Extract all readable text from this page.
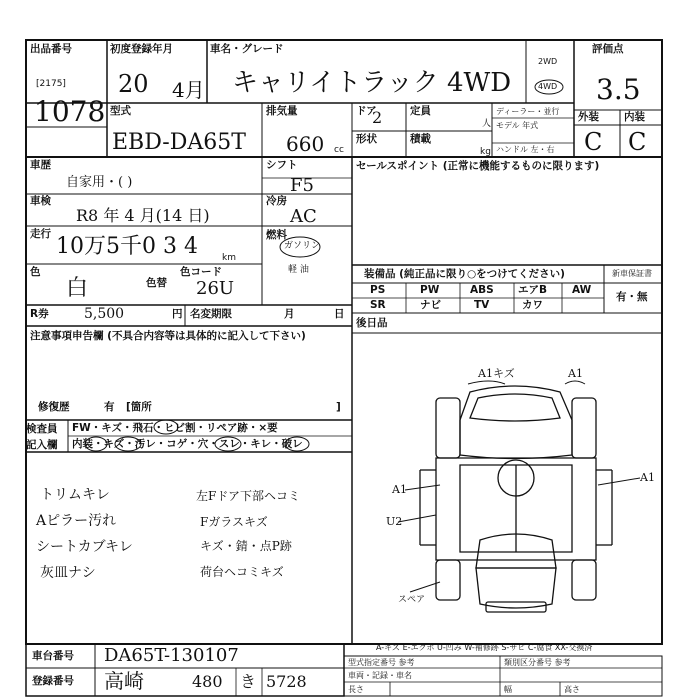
出品番号
[2175]
1078
初度登録年月
20 4月
車名・グレード
キャリイトラック 4WD
2WD
4WD
評価点
3.5
外装 内装
C C
型式
EBD-DA65T
排気量
660 cc
ドア
2
形状
定員
人
積載
kg
ディーラー・並行
モデル 年式
ハンドル 左・右
車歴
自家用・( )
シフト
F5
車検
R8 年 4 月(14 日)
冷房
AC
走行 10万5千0 3 4	km
燃料
ガソリン
軽 油
色
白	色替
色コード
26U
R券	5,500	円 名変期限	月	日
注意事項申告欄 (不具合内容等は具体的に記入して下さい)
修復歴	有 [箇所	]
検査員
記入欄
FW・キズ・飛石・ヒビ割・リペア跡・×要
内装・キズ・汚レ・コゲ・穴・スレ・キレ・破レ
トリムキレ
Aピラー汚れ
シートカブキレ
灰皿ナシ
左Fドア下部ヘコミ
Fガラスキズ
キズ・錆・点P跡
荷台ヘコミキズ
セールスポイント (正常に機能するものに限ります)
装備品 (純正品に限り○をつけてください)	新車保証書
有・無
PS	PW	ABS エアB AW
SR	ナビ	TV	カワ
後日品
A1キズ	A1
A1
U2
A1
スペア
A-キズ E-エクボ U-凹み W-補修跡 S-サビ C-腐食 XX-交換済
車台番号 DA65T-130107
登録番号 高崎	480 き 5728
型式指定番号 参考	類別区分番号 参考
車両・記録・車名
長さ	幅	高さ
